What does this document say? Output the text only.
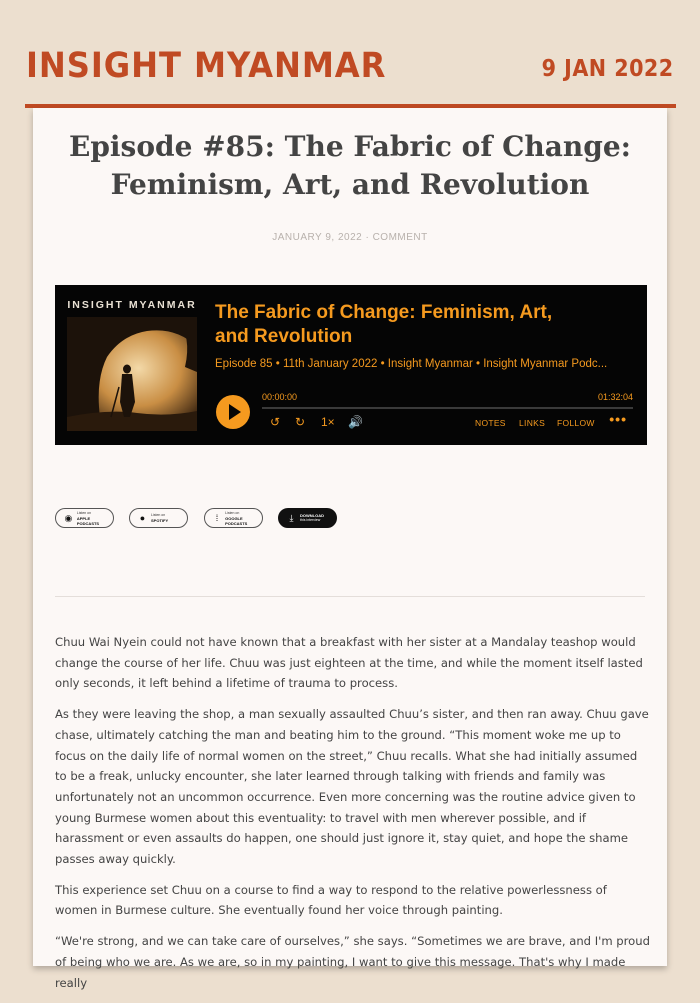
INSIGHT MYANMAR	9 JAN 2022
Episode #85: The Fabric of Change: Feminism, Art, and Revolution
JANUARY 9, 2022 · COMMENT
INSIGHT MYANMAR The Fabric of Change: Feminism, Art, and Revolution
Episode 85 • 11th January 2022 • Insight Myanmar • Insight Myanmar Podc...
00:00:00	01:32:04
↺ ↻ 1× 🔊	NOTES LINKS FOLLOW •••
◉ Listen on
APPLE PODCASTS	●	Listen on
SPOTIFY	⁞
Listen on
GOOGLE PODCASTS
⤓	DOWNLOAD
this interview

Chuu Wai Nyein could not have known that a breakfast with her sister at a Mandalay teashop would change the course of her life. Chuu was just eighteen at the time, and while the moment itself lasted only seconds, it left behind a lifetime of trauma to process.

As they were leaving the shop, a man sexually assaulted Chuu’s sister, and then ran away. Chuu gave chase, ultimately catching the man and beating him to the ground. “This moment woke me up to focus on the daily life of normal women on the street,” Chuu recalls. What she had initially assumed to be a freak, unlucky encounter, she later learned through talking with friends and family was unfortunately not an uncommon occurrence. Even more concerning was the routine advice given to young Burmese women about this eventuality: to travel with men wherever possible, and if harassment or even assaults do happen, one should just ignore it, stay quiet, and hope the shame passes away quickly.

This experience set Chuu on a course to find a way to respond to the relative powerlessness of women in Burmese culture. She eventually found her voice through painting.

“We're strong, and we can take care of ourselves,” she says. “Sometimes we are brave, and I'm proud of being who we are. As we are, so in my painting, I want to give this message. That's why I made really
